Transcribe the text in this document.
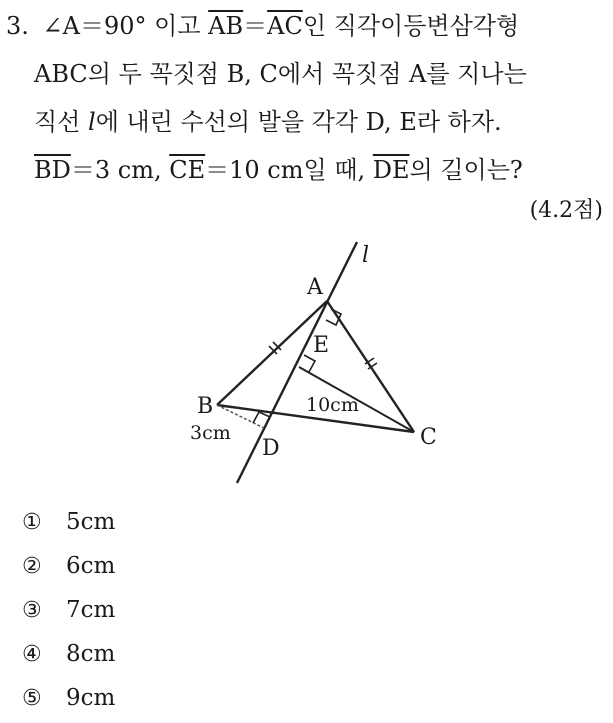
3. ∠A＝90° 이고 $\overline{AB}=\overline{AC}$인 직각이등변삼각형
ABC의 두 꼭짓점 B, C에서 꼭짓점 A를 지나는
직선 l에 내린 수선의 발을 각각 D, E라 하자.
$\overline{BD}=3$ cm, $\overline{CE}=10$ cm일 때, $\overline{DE}$의 길이는?
(4.2점)
A
B
C
D
E
l
3cm
10cm
① 5cm
② 6cm
③ 7cm
④ 8cm
⑤ 9cm
